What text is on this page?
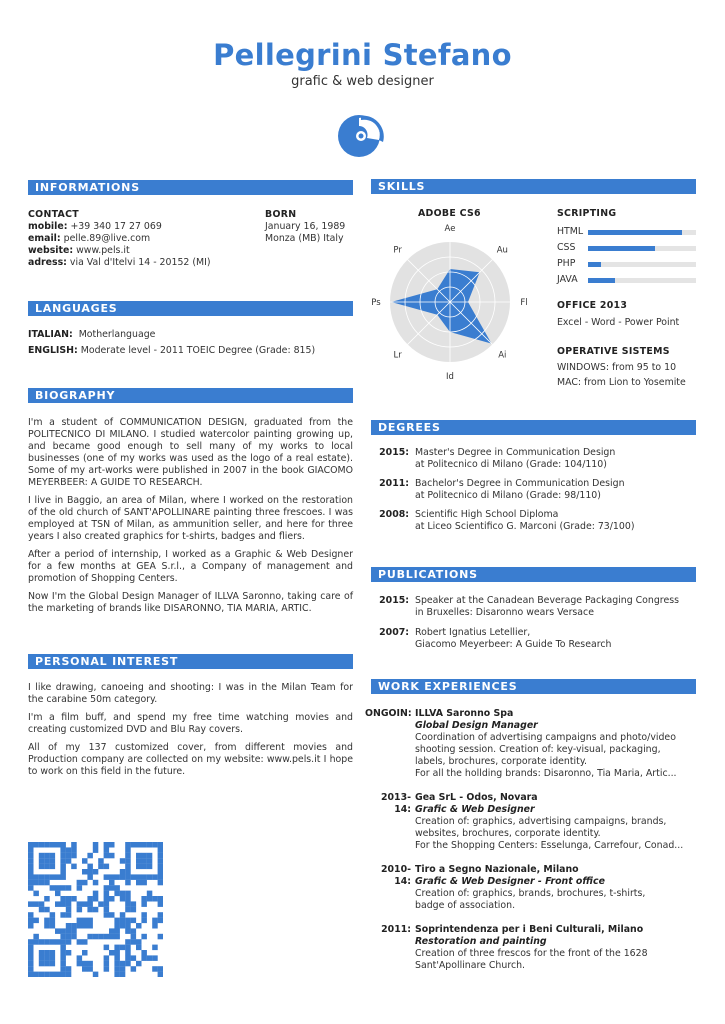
Pellegrini Stefano
grafic & web designer
INFORMATIONS
CONTACT
mobile: +39 340 17 27 069
email: pelle.89@live.com
website: www.pels.it
adress: via Val d'Itelvi 14 - 20152 (MI)
BORN
January 16, 1989
Monza (MB) Italy
LANGUAGES
ITALIAN: Motherlanguage
ENGLISH: Moderate level - 2011 TOEIC Degree (Grade: 815)
BIOGRAPHY

I'm a student of COMMUNICATION DESIGN, graduated from the POLITECNICO DI MILANO. I studied watercolor painting growing up, and became good enough to sell many of my works to local businesses (one of my works was used as the logo of a real estate). Some of my art-works were published in 2007 in the book GIACOMO MEYERBEER: A GUIDE TO RESEARCH.

I live in Baggio, an area of Milan, where I worked on the restoration of the old church of SANT'APOLLINARE painting three frescoes. I was employed at TSN of Milan, as ammunition seller, and here for three years I also created graphics for t-shirts, badges and fliers.

After a period of internship, I worked as a Graphic & Web Designer for a few months at GEA S.r.l., a Company of management and promotion of Shopping Centers.

Now I'm the Global Design Manager of ILLVA Saronno, taking care of the marketing of brands like DISARONNO, TIA MARIA, ARTIC.

PERSONAL INTEREST

I like drawing, canoeing and shooting: I was in the Milan Team for the carabine 50m category.

I'm a film buff, and spend my free time watching movies and creating customized DVD and Blu Ray covers.

All of my 137 customized cover, from different movies and Production company are collected on my website: www.pels.it I hope to work on this field in the future.

SKILLS
ADOBE CS6
Ae
Au
Fl
Ai
Id
Lr
Ps
Pr
SCRIPTING
HTML
CSS
PHP
JAVA
OFFICE 2013
Excel - Word - Power Point
OPERATIVE SISTEMS
WINDOWS: from 95 to 10
MAC: from Lion to Yosemite
DEGREES
2015: Master's Degree in Communication Design
at Politecnico di Milano (Grade: 104/110)
2011: Bachelor's Degree in Communication Design
at Politecnico di Milano (Grade: 98/110)
2008: Scientific High School Diploma
at Liceo Scientifico G. Marconi (Grade: 73/100)
PUBLICATIONS
2015: Speaker at the Canadean Beverage Packaging Congress
in Bruxelles: Disaronno wears Versace
2007: Robert Ignatius Letellier,
Giacomo Meyerbeer: A Guide To Research
WORK EXPERIENCES
ONGOIN: ILLVA Saronno Spa
Global Design Manager
Coordination of advertising campaigns and photo/video
shooting session. Creation of: key-visual, packaging,
labels, brochures, corporate identity.
For all the hollding brands: Disaronno, Tia Maria, Artic...
2013-14:
Gea SrL - Odos, Novara
Grafic & Web Designer
Creation of: graphics, advertising campaigns, brands,
websites, brochures, corporate identity.
For the Shopping Centers: Esselunga, Carrefour, Conad...
2010-14:
Tiro a Segno Nazionale, Milano
Grafic & Web Designer - Front office
Creation of: graphics, brands, brochures, t-shirts,
badge of association.
2011: Soprintendenza per i Beni Culturali, Milano
Restoration and painting
Creation of three frescos for the front of the 1628
Sant'Apollinare Church.
